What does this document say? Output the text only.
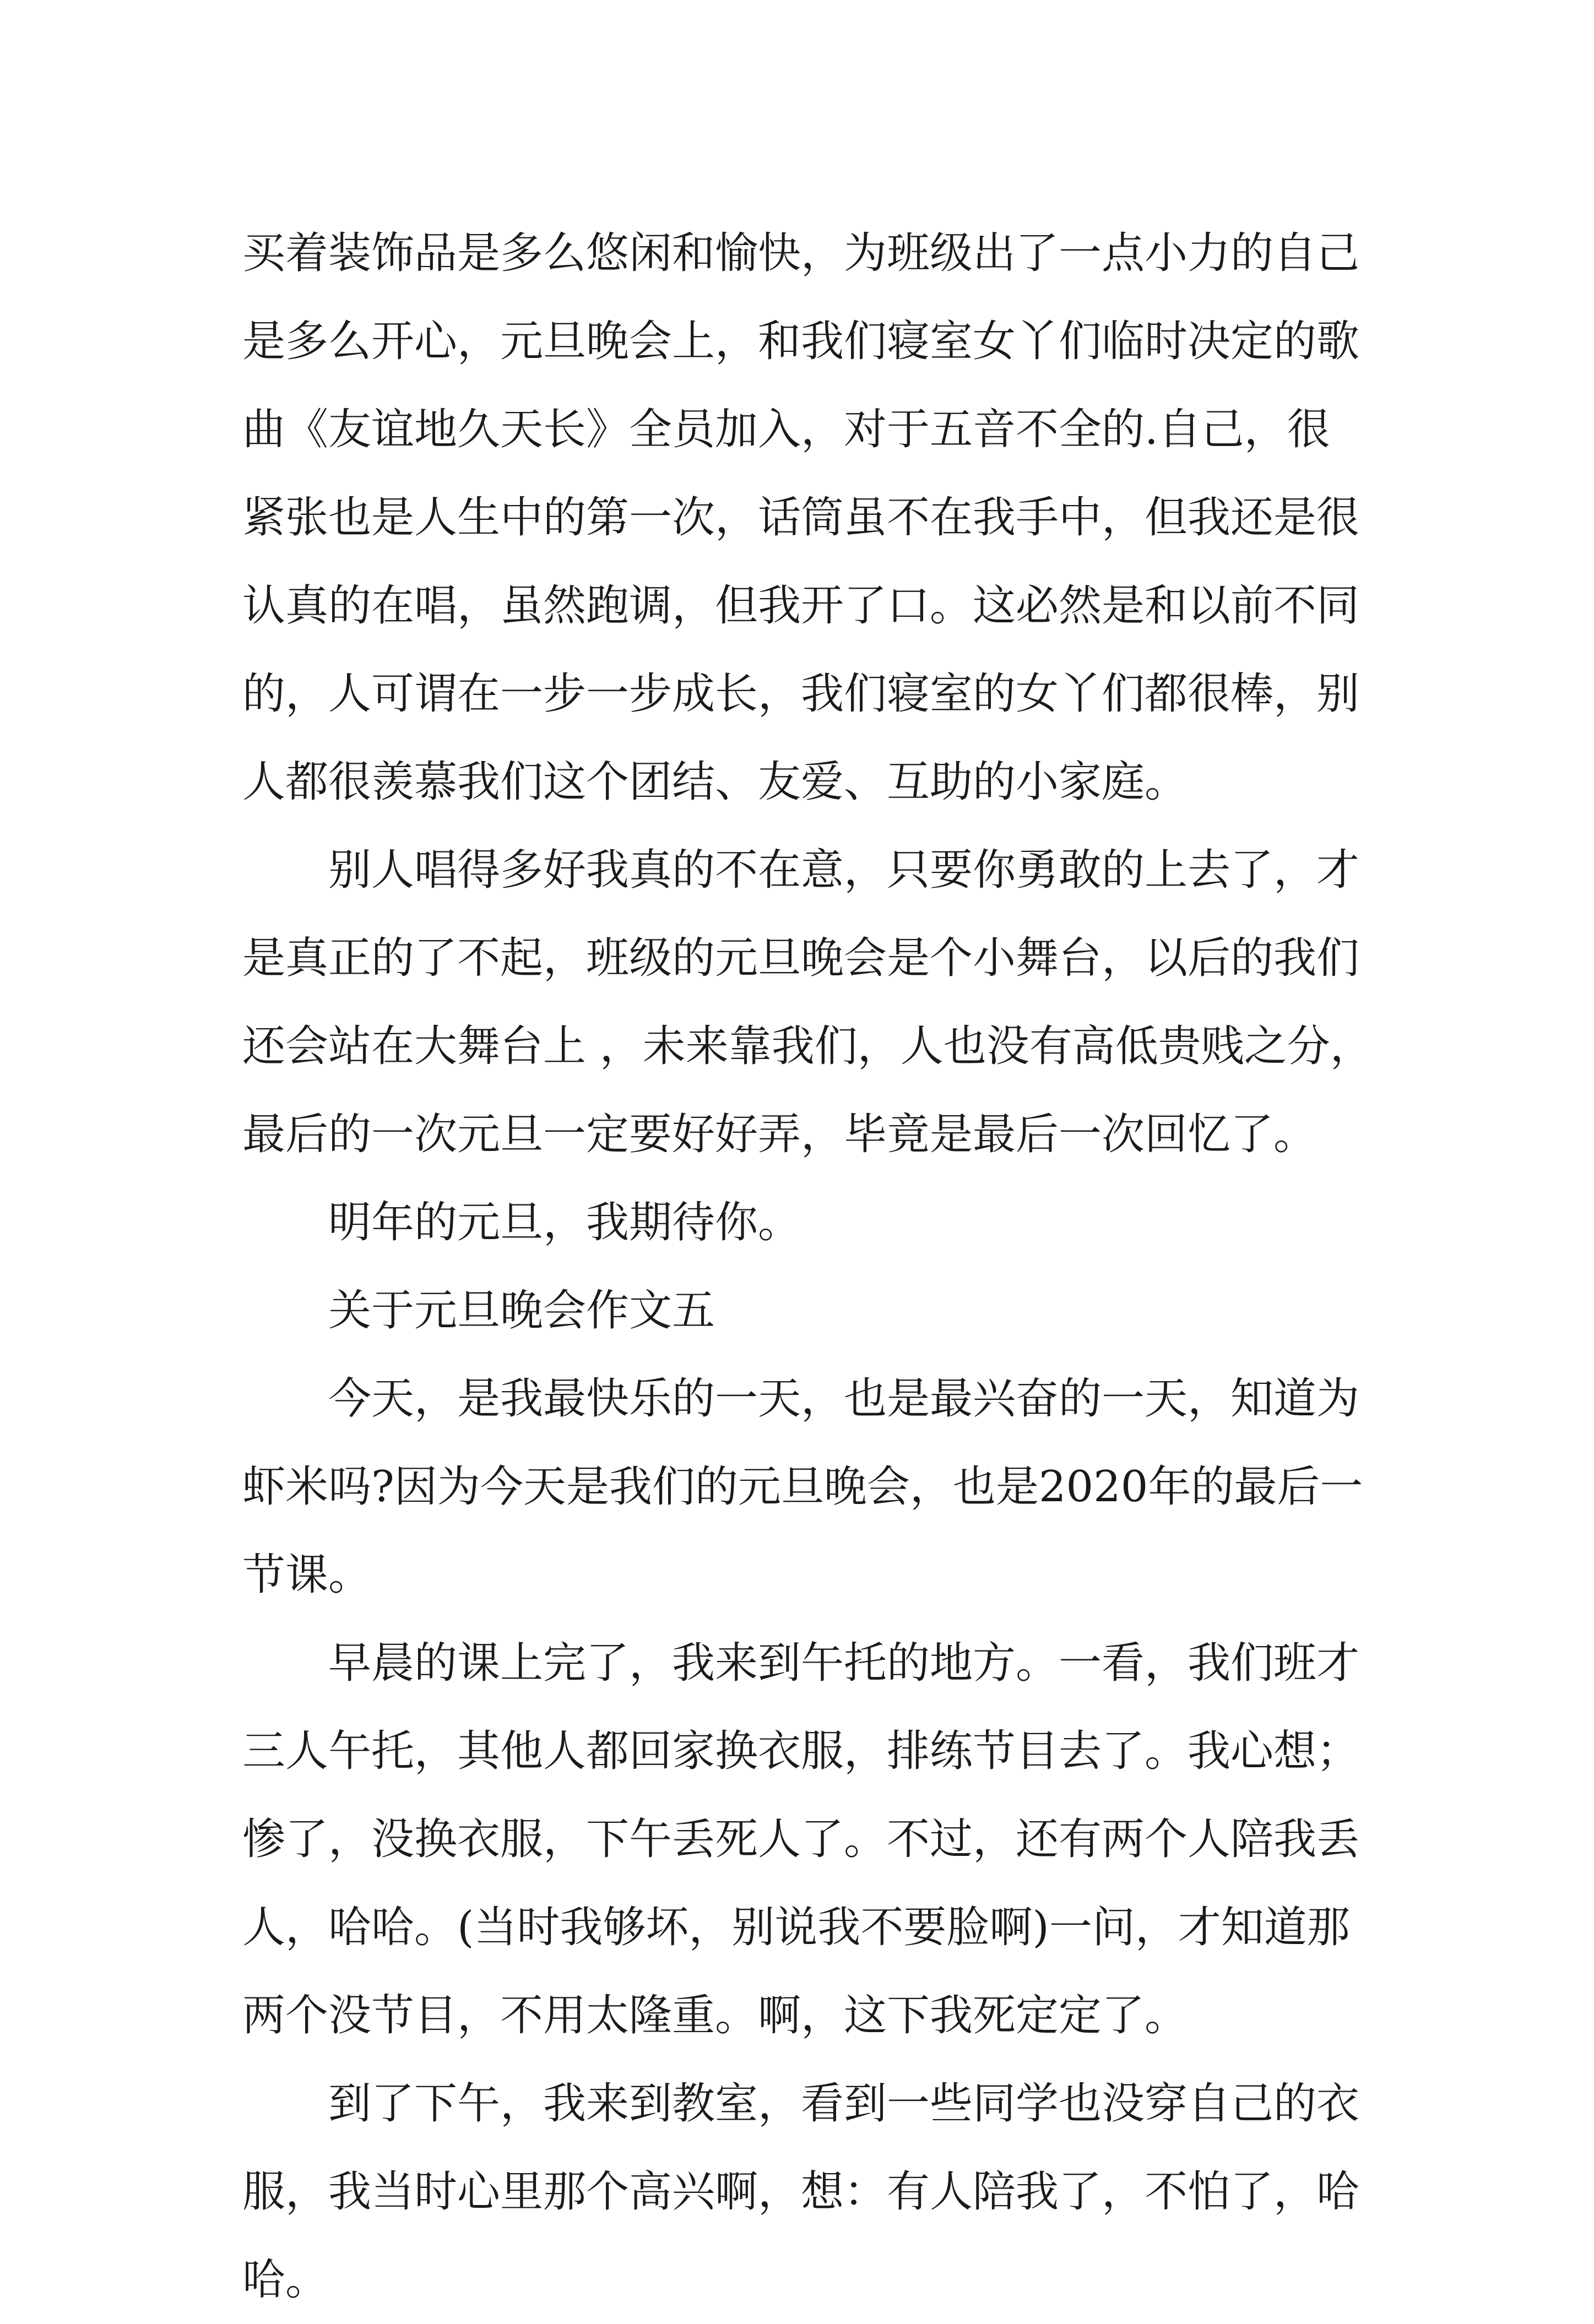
买着装饰品是多么悠闲和愉快，为班级出了一点小力的自己
是多么开心，元旦晚会上，和我们寝室女丫们临时决定的歌
曲《友谊地久天长》全员加入，对于五音不全的.自己，很
紧张也是人生中的第一次，话筒虽不在我手中，但我还是很
认真的在唱，虽然跑调，但我开了口。这必然是和以前不同
的，人可谓在一步一步成长，我们寝室的女丫们都很棒，别
人都很羡慕我们这个团结、友爱、互助的小家庭。
别人唱得多好我真的不在意，只要你勇敢的上去了，才
是真正的了不起，班级的元旦晚会是个小舞台，以后的我们
还会站在大舞台上 ，未来靠我们，人也没有高低贵贱之分，
最后的一次元旦一定要好好弄，毕竟是最后一次回忆了。
明年的元旦，我期待你。
关于元旦晚会作文五
今天，是我最快乐的一天，也是最兴奋的一天，知道为
虾米吗?因为今天是我们的元旦晚会，也是2020年的最后一
节课。
早晨的课上完了，我来到午托的地方。一看，我们班才
三人午托，其他人都回家换衣服，排练节目去了。我心想；
惨了，没换衣服，下午丢死人了。不过，还有两个人陪我丢
人，哈哈。(当时我够坏，别说我不要脸啊)一问，才知道那
两个没节目，不用太隆重。啊，这下我死定定了。
到了下午，我来到教室，看到一些同学也没穿自己的衣
服，我当时心里那个高兴啊，想：有人陪我了，不怕了，哈
哈。
